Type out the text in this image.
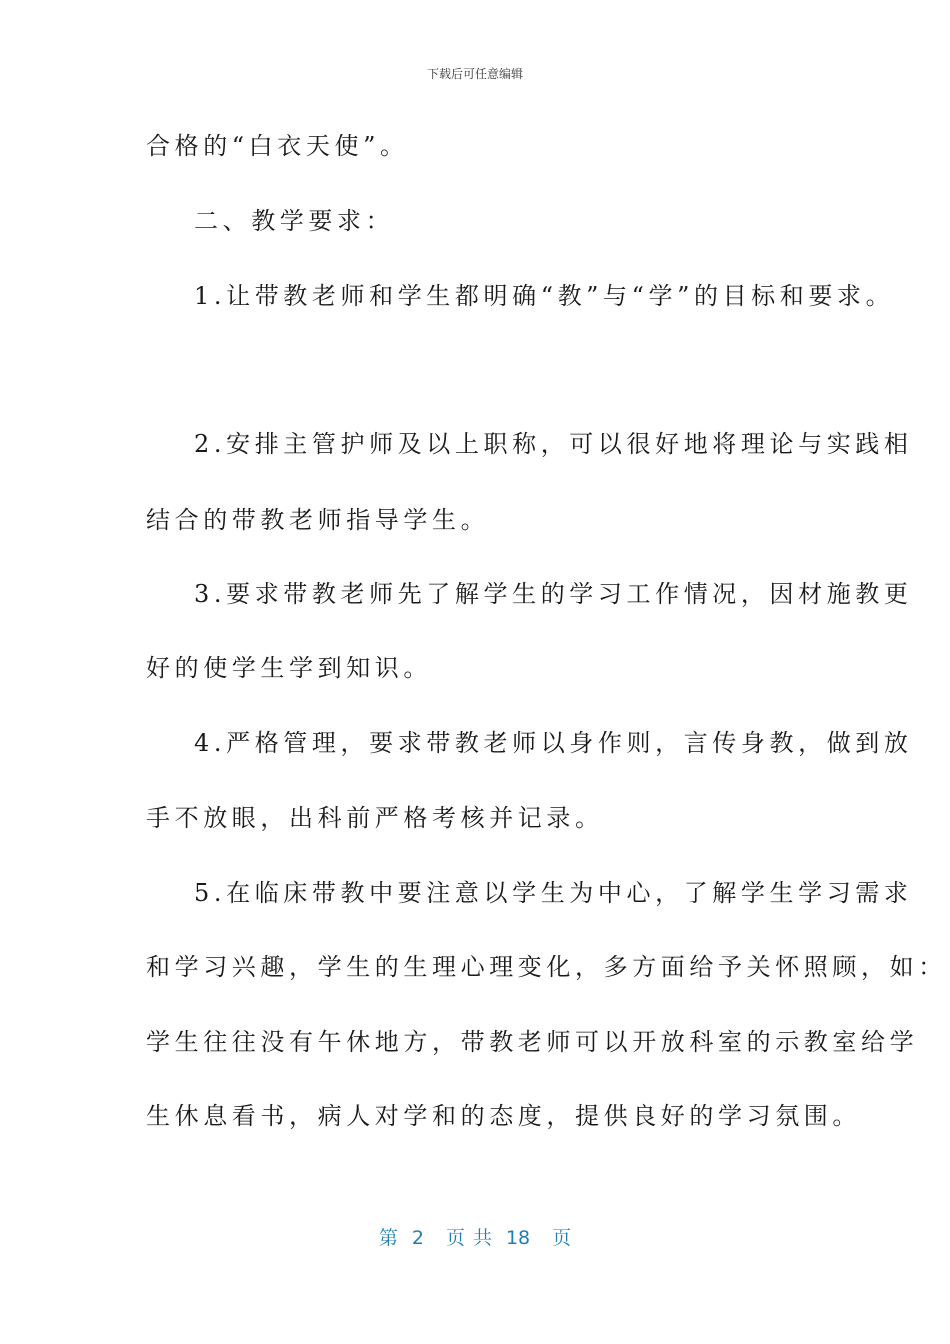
下载后可任意编辑
合格的“白衣天使”。
二、教学要求：
1.让带教老师和学生都明确“教”与“学”的目标和要求。
2.安排主管护师及以上职称，可以很好地将理论与实践相
结合的带教老师指导学生。
3.要求带教老师先了解学生的学习工作情况，因材施教更
好的使学生学到知识。
4.严格管理，要求带教老师以身作则，言传身教，做到放
手不放眼，出科前严格考核并记录。
5.在临床带教中要注意以学生为中心，了解学生学习需求
和学习兴趣，学生的生理心理变化，多方面给予关怀照顾，如：
学生往往没有午休地方，带教老师可以开放科室的示教室给学
生休息看书，病人对学和的态度，提供良好的学习氛围。
第 2 页 共 18 页
